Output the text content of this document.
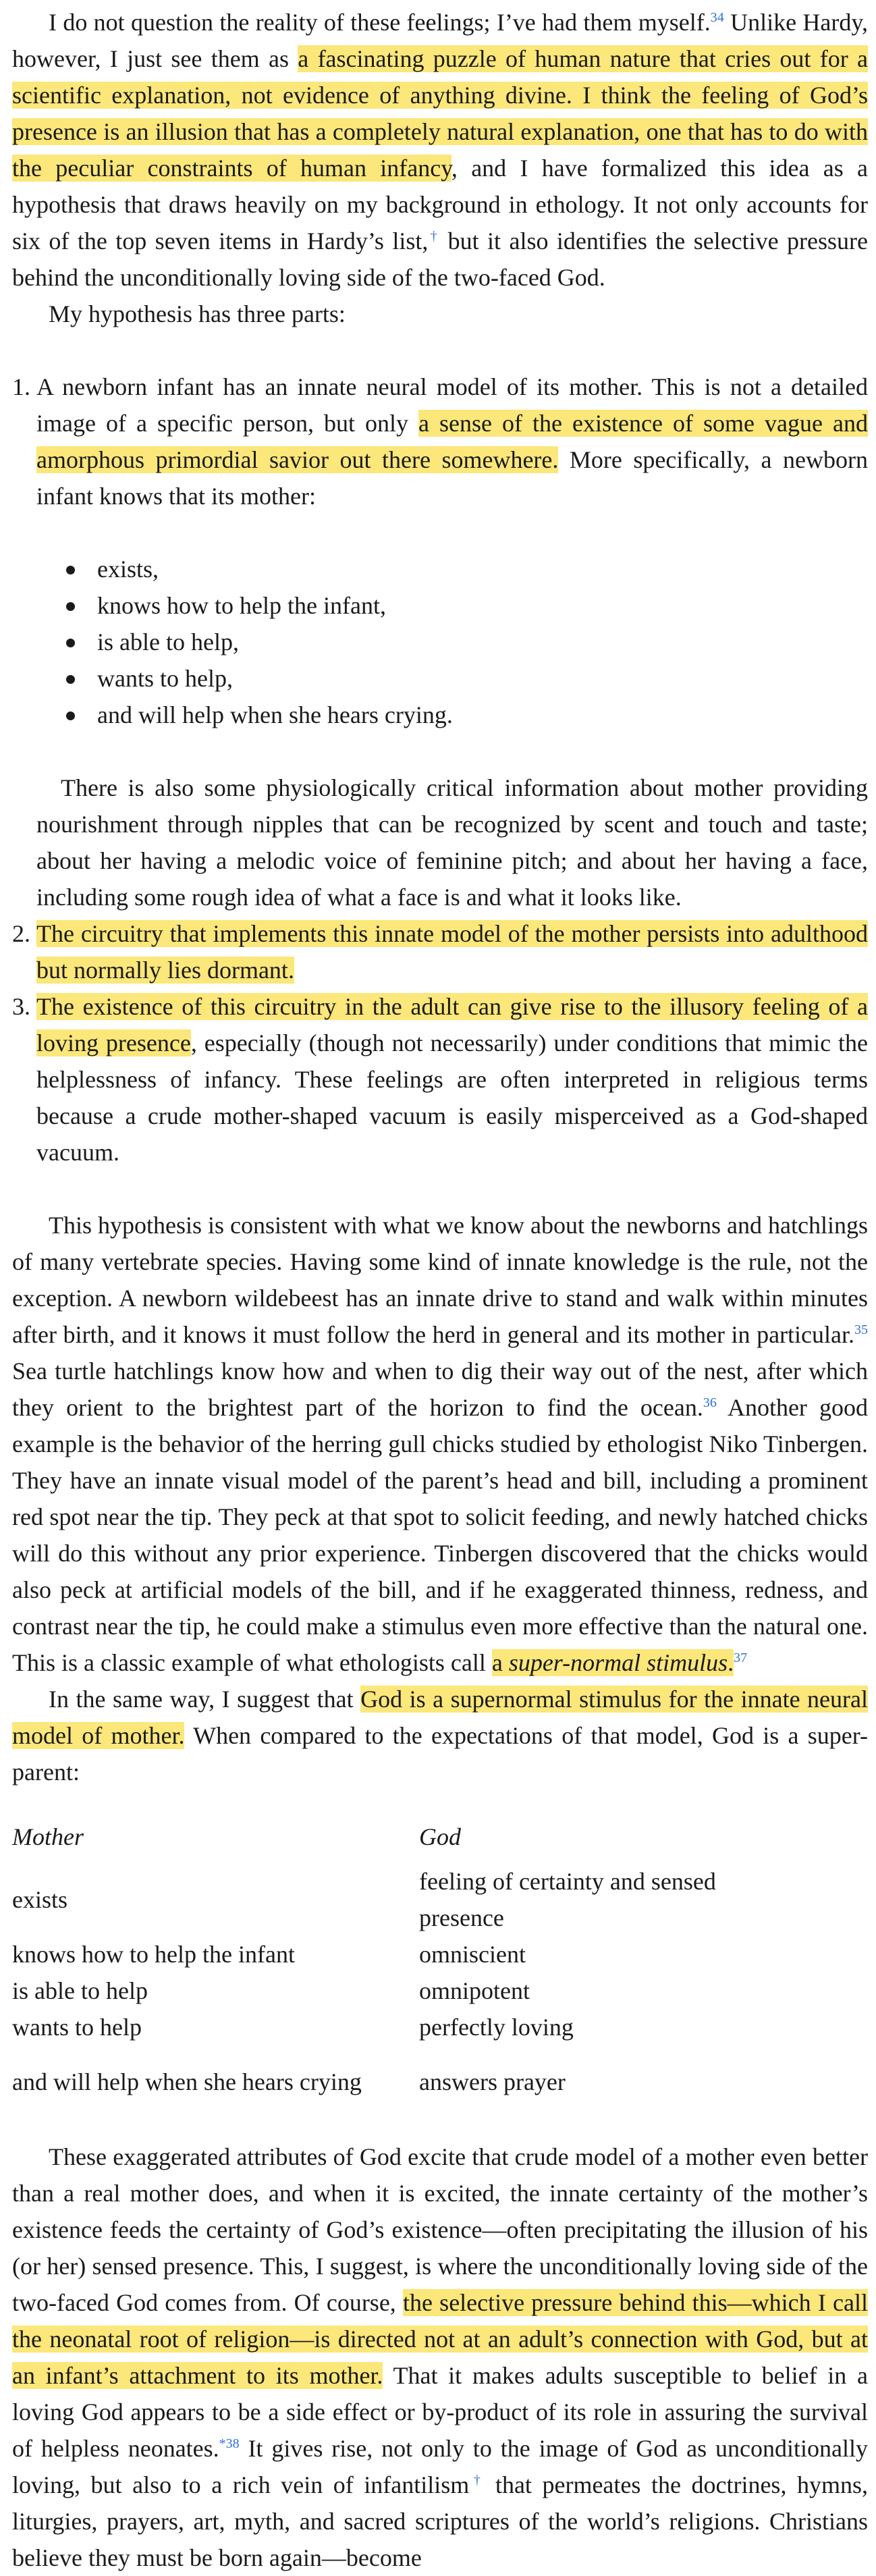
I do not question the reality of these feelings; I’ve had them myself.$^{34}$ Unlike Hardy, however, I just see them as a fascinating puzzle of human nature that cries out for a scientific explanation, not evidence of anything divine. I think the feeling of God’s presence is an illusion that has a completely natural explanation, one that has to do with the peculiar constraints of human infancy, and I have formalized this idea as a hypothesis that draws heavily on my background in ethology. It not only accounts for six of the top seven items in Hardy’s list,† but it also identifies the selective pressure behind the unconditionally loving side of the two-faced God.

My hypothesis has three parts:

1. A newborn infant has an innate neural model of its mother. This is not a detailed image of a specific person, but only a sense of the existence of some vague and amorphous primordial savior out there somewhere. More specifically, a newborn infant knows that its mother:
exists,
knows how to help the infant,
is able to help,
wants to help,
and will help when she hears crying.

There is also some physiologically critical information about mother providing nourishment through nipples that can be recognized by scent and touch and taste; about her having a melodic voice of feminine pitch; and about her having a face, including some rough idea of what a face is and what it looks like.

2. The circuitry that implements this innate model of the mother persists into adulthood but normally lies dormant.
3. The existence of this circuitry in the adult can give rise to the illusory feeling of a loving presence, especially (though not necessarily) under conditions that mimic the helplessness of infancy. These feelings are often interpreted in religious terms because a crude mother-shaped vacuum is easily misperceived as a God-shaped vacuum.

This hypothesis is consistent with what we know about the newborns and hatchlings of many vertebrate species. Having some kind of innate knowledge is the rule, not the exception. A newborn wildebeest has an innate drive to stand and walk within minutes after birth, and it knows it must follow the herd in general and its mother in particular.$^{35}$ Sea turtle hatchlings know how and when to dig their way out of the nest, after which they orient to the brightest part of the horizon to find the ocean.$^{36}$ Another good example is the behavior of the herring gull chicks studied by ethologist Niko Tinbergen. They have an innate visual model of the parent’s head and bill, including a prominent red spot near the tip. They peck at that spot to solicit feeding, and newly hatched chicks will do this without any prior experience. Tinbergen discovered that the chicks would also peck at artificial models of the bill, and if he exaggerated thinness, redness, and contrast near the tip, he could make a stimulus even more effective than the natural one. This is a classic example of what ethologists call a super-normal stimulus.$^{37}$

In the same way, I suggest that God is a supernormal stimulus for the innate neural model of mother. When compared to the expectations of that model, God is a super-parent:

Mother	God
exists	feeling of certainty and sensed presence
knows how to help the infant	omniscient
is able to help	omnipotent
wants to help	perfectly loving
and will help when she hears crying	answers prayer

These exaggerated attributes of God excite that crude model of a mother even better than a real mother does, and when it is excited, the innate certainty of the mother’s existence feeds the certainty of God’s existence—often precipitating the illusion of his (or her) sensed presence. This, I suggest, is where the unconditionally loving side of the two-faced God comes from. Of course, the selective pressure behind this—which I call the neonatal root of religion—is directed not at an adult’s connection with God, but at an infant’s attachment to its mother. That it makes adults susceptible to belief in a loving God appears to be a side effect or by-product of its role in assuring the survival of helpless neonates.$^{*38}$ It gives rise, not only to the image of God as unconditionally loving, but also to a rich vein of infantilism† that permeates the doctrines, hymns, liturgies, prayers, art, myth, and sacred scriptures of the world’s religions. Christians believe they must be born again—become
